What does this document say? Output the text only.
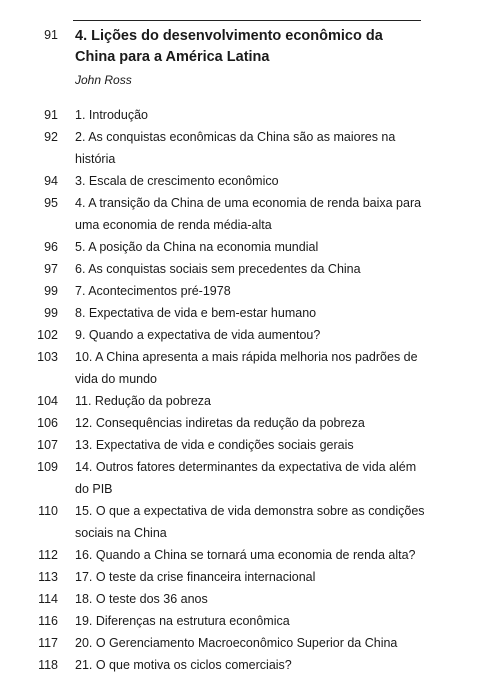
91 4. Lições do desenvolvimento econômico da China para a América Latina
John Ross
91 1. Introdução
92 2. As conquistas econômicas da China são as maiores na história
94 3. Escala de crescimento econômico
95 4. A transição da China de uma economia de renda baixa para uma economia de renda média-alta
96 5. A posição da China na economia mundial
97 6. As conquistas sociais sem precedentes da China
99 7. Acontecimentos pré-1978
99 8. Expectativa de vida e bem-estar humano
102 9. Quando a expectativa de vida aumentou?
103 10. A China apresenta a mais rápida melhoria nos padrões de vida do mundo
104 11. Redução da pobreza
106 12. Consequências indiretas da redução da pobreza
107 13. Expectativa de vida e condições sociais gerais
109 14. Outros fatores determinantes da expectativa de vida além do PIB
110 15. O que a expectativa de vida demonstra sobre as condições sociais na China
112 16. Quando a China se tornará uma economia de renda alta?
113 17. O teste da crise financeira internacional
114 18. O teste dos 36 anos
116 19. Diferenças na estrutura econômica
117 20. O Gerenciamento Macroeconômico Superior da China
118 21. O que motiva os ciclos comerciais?
